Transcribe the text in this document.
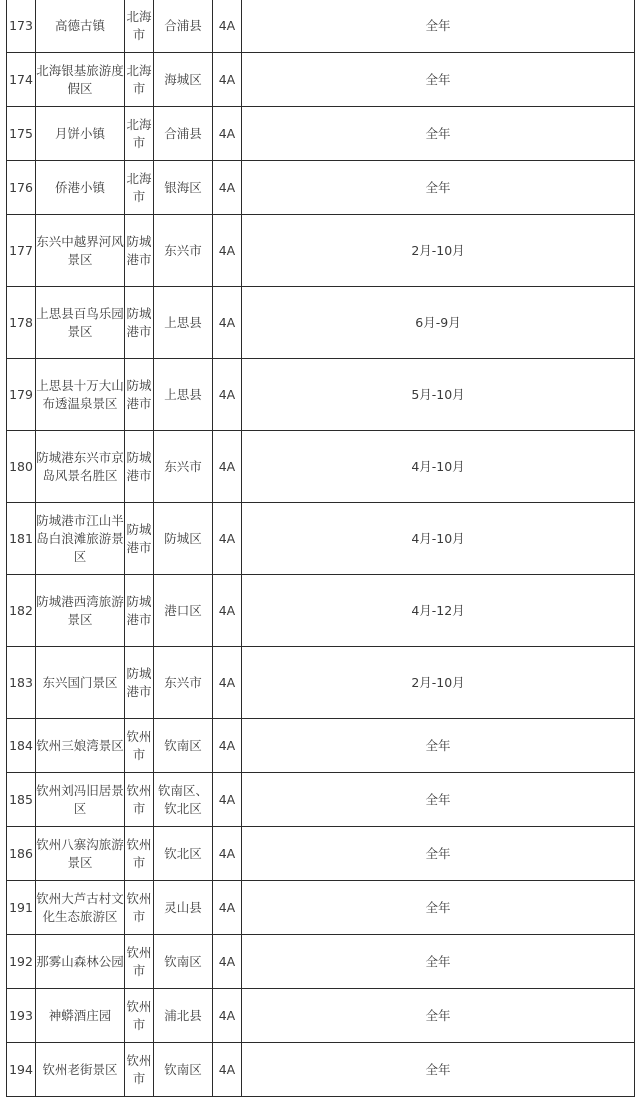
173	高德古镇	北海市	合浦县	4A	全年
174	北海银基旅游度假区	北海市	海城区	4A	全年
175	月饼小镇	北海市	合浦县	4A	全年
176	侨港小镇	北海市	银海区	4A	全年
177	东兴中越界河风景区	防城港市	东兴市	4A	2月-10月
178	上思县百鸟乐园景区	防城港市	上思县	4A	6月-9月
179	上思县十万大山布透温泉景区	防城港市	上思县	4A	5月-10月
180	防城港东兴市京岛风景名胜区	防城港市	东兴市	4A	4月-10月
181	防城港市江山半岛白浪滩旅游景区	防城港市	防城区	4A	4月-10月
182	防城港西湾旅游景区	防城港市	港口区	4A	4月-12月
183	东兴国门景区	防城港市	东兴市	4A	2月-10月
184	钦州三娘湾景区	钦州市	钦南区	4A	全年
185	钦州刘冯旧居景区	钦州市	钦南区、钦北区	4A	全年
186	钦州八寨沟旅游景区	钦州市	钦北区	4A	全年
191	钦州大芦古村文化生态旅游区	钦州市	灵山县	4A	全年
192	那雾山森林公园	钦州市	钦南区	4A	全年
193	神蟒酒庄园	钦州市	浦北县	4A	全年
194	钦州老街景区	钦州市	钦南区	4A	全年
